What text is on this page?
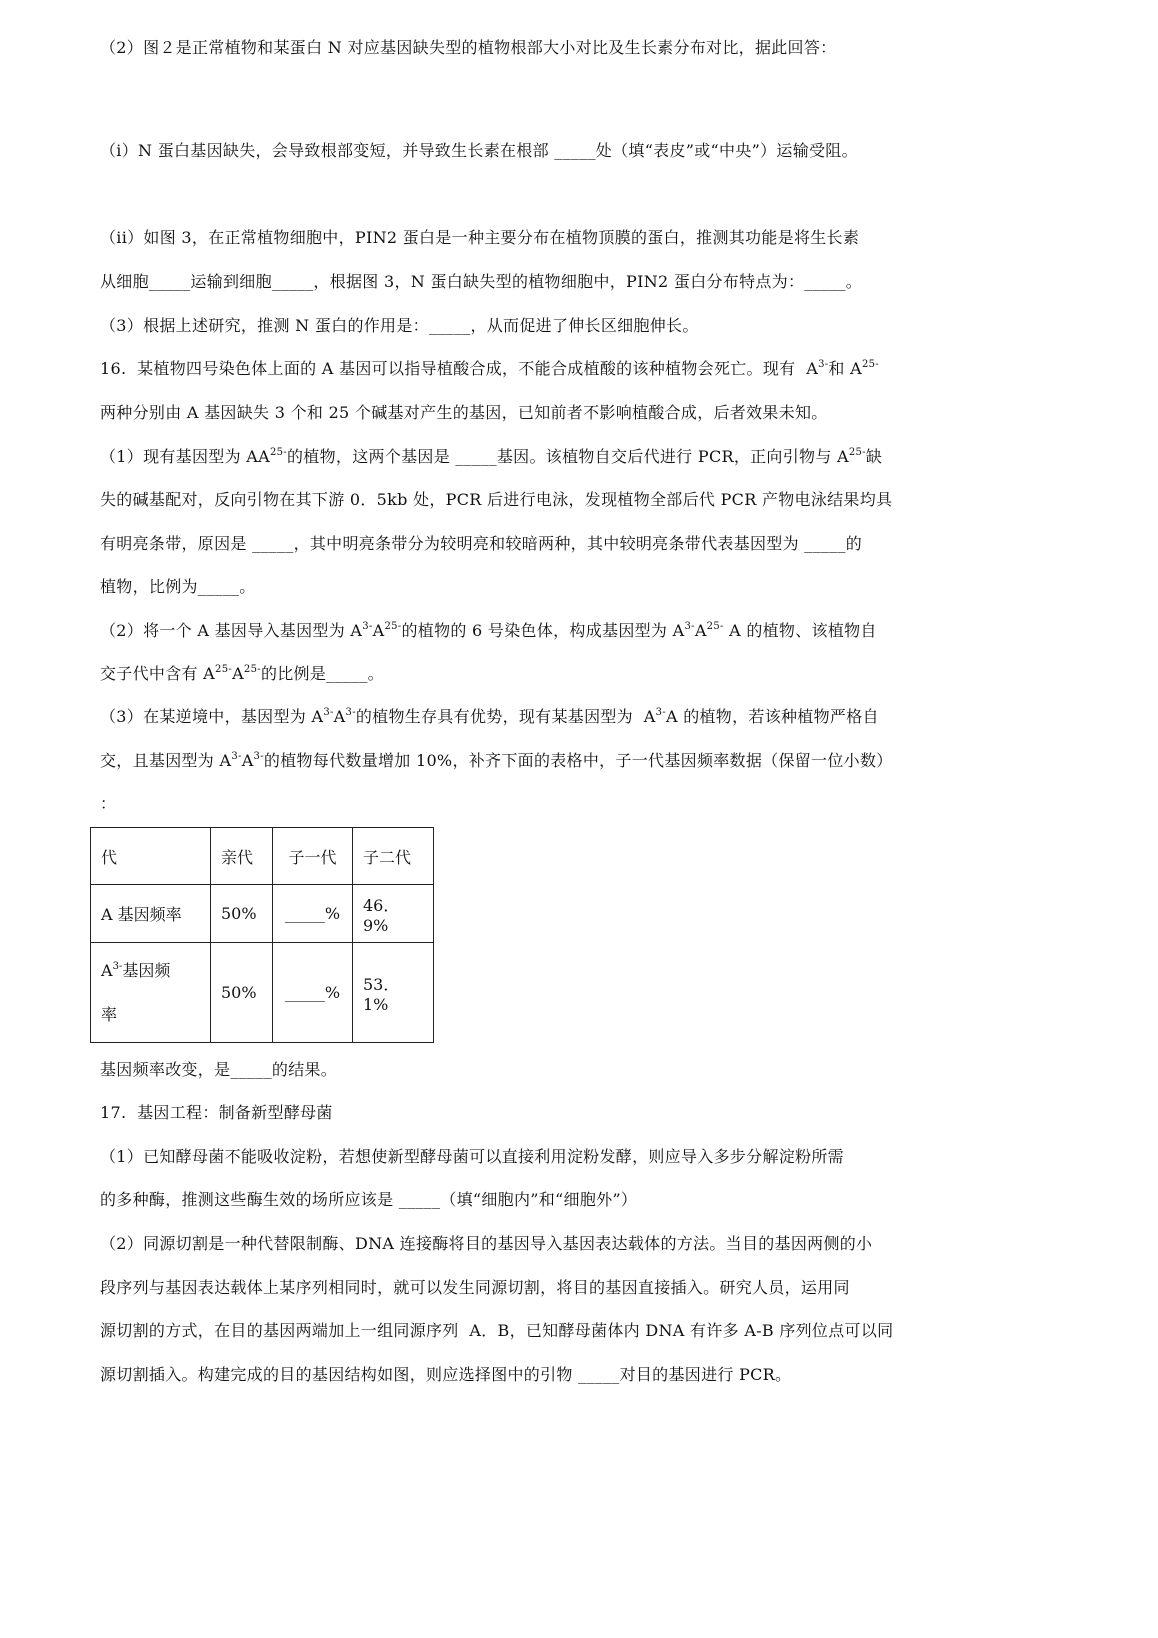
（2）图２是正常植物和某蛋白 N 对应基因缺失型的植物根部大小对比及生长素分布对比，据此回答：
（i）N 蛋白基因缺失，会导致根部变短，并导致生长素在根部 _____处（填“表皮”或“中央”）运输受阻。
（ii）如图 3，在正常植物细胞中，PIN2 蛋白是一种主要分布在植物顶膜的蛋白，推测其功能是将生长素
从细胞_____运输到细胞_____，根据图 3，N 蛋白缺失型的植物细胞中，PIN2 蛋白分布特点为：_____。
（3）根据上述研究，推测 N 蛋白的作用是：_____，从而促进了伸长区细胞伸长。
16.  某植物四号染色体上面的 A 基因可以指导植酸合成，不能合成植酸的该种植物会死亡。现有  $A^{3-}$和 $A^{25-}$
两种分别由 A 基因缺失 3 个和 25 个碱基对产生的基因，已知前者不影响植酸合成，后者效果未知。
（1）现有基因型为 $AA^{25-}$的植物，这两个基因是 _____基因。该植物自交后代进行 PCR，正向引物与 $A^{25-}$缺
失的碱基配对，反向引物在其下游 0．5kb 处，PCR 后进行电泳，发现植物全部后代 PCR 产物电泳结果均具
有明亮条带，原因是 _____，其中明亮条带分为较明亮和较暗两种，其中较明亮条带代表基因型为 _____的
植物，比例为_____。
（2）将一个 A 基因导入基因型为 $A^{3-}A^{25-}$的植物的 6 号染色体，构成基因型为 $A^{3-}A^{25-}$ A 的植物、该植物自
交子代中含有 $A^{25-}A^{25-}$的比例是_____。
（3）在某逆境中，基因型为 $A^{3-}A^{3-}$的植物生存具有优势，现有某基因型为  $A^{3-}A$ 的植物，若该种植物严格自
交，且基因型为 $A^{3-}A^{3-}$的植物每代数量增加 10%，补齐下面的表格中，子一代基因频率数据（保留一位小数）
：
基因频率改变，是_____的结果。
17.  基因工程：制备新型酵母菌
（1）已知酵母菌不能吸收淀粉，若想使新型酵母菌可以直接利用淀粉发酵，则应导入多步分解淀粉所需
的多种酶，推测这些酶生效的场所应该是 _____（填“细胞内”和“细胞外”）
（2）同源切割是一种代替限制酶、DNA 连接酶将目的基因导入基因表达载体的方法。当目的基因两侧的小
段序列与基因表达载体上某序列相同时，就可以发生同源切割，将目的基因直接插入。研究人员，运用同
源切割的方式，在目的基因两端加上一组同源序列  A．B，已知酵母菌体内 DNA 有许多 A-B 序列位点可以同
源切割插入。构建完成的目的基因结构如图，则应选择图中的引物 _____对目的基因进行 PCR。
代	亲代	子一代	子二代
A 基因频率	50%	_____%	46．9%

$A^{3-}$基因频
率	50%	_____%	53．1%
